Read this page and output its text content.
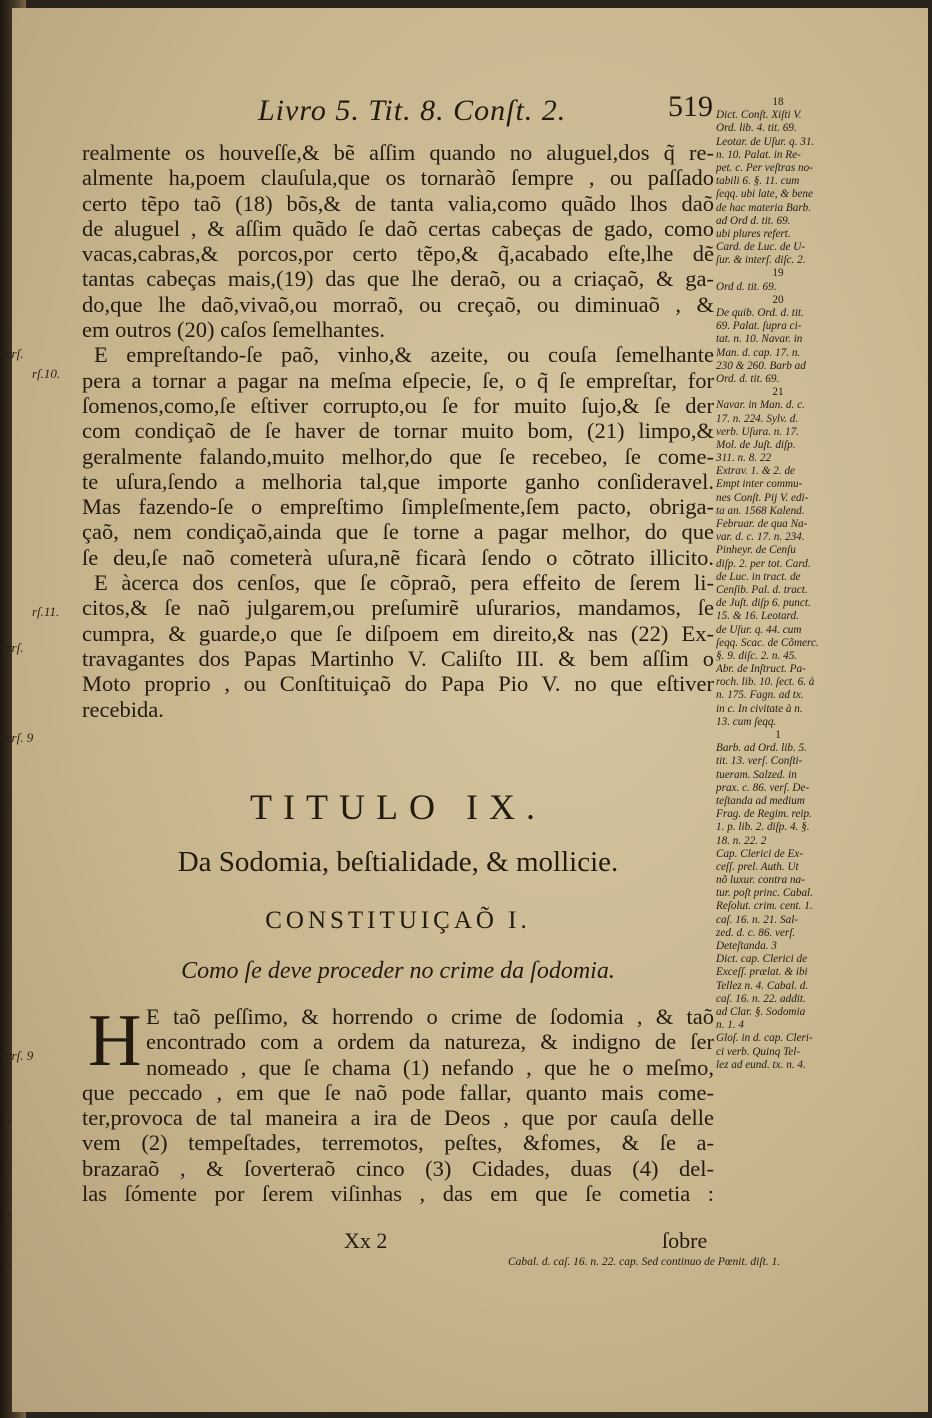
verſ.
verſ. 9
verſ.
verſ. 9
›
›
›
›
rſ.10.
rſ.11.
Livro 5. Tit. 8. Conſt. 2.	519
realmente os houveſſe,& bẽ aſſim quando no aluguel,dos q̃ re-
almente ha,poem clauſula,que os tornaràõ ſempre , ou paſſado
certo tẽpo taõ (18) bõs,& de tanta valia,como quãdo lhos daõ
de aluguel , & aſſim quãdo ſe daõ certas cabeças de gado, como
vacas,cabras,& porcos,por certo tẽpo,& q̃,acabado eſte,lhe dẽ
tantas cabeças mais,(19) das que lhe deraõ, ou a criaçaõ, & ga-
do,que lhe daõ,vivaõ,ou morraõ, ou creçaõ, ou diminuaõ , &
em outros (20) caſos ſemelhantes.
E empreſtando-ſe paõ, vinho,& azeite, ou couſa ſemelhante
pera a tornar a pagar na meſma eſpecie, ſe, o q̃ ſe empreſtar, for
ſomenos,como,ſe eſtiver corrupto,ou ſe for muito ſujo,& ſe der
com condiçaõ de ſe haver de tornar muito bom, (21) limpo,&
geralmente falando,muito melhor,do que ſe recebeo, ſe come-
te uſura,ſendo a melhoria tal,que importe ganho conſideravel.
Mas fazendo-ſe o empreſtimo ſimpleſmente,ſem pacto, obriga-
çaõ, nem condiçaõ,ainda que ſe torne a pagar melhor, do que
ſe deu,ſe naõ cometerà uſura,nẽ ficarà ſendo o cõtrato illicito.
E àcerca dos cenſos, que ſe cõpraõ, pera effeito de ſerem li-
citos,& ſe naõ julgarem,ou preſumirẽ uſurarios, mandamos, ſe
cumpra, & guarde,o que ſe diſpoem em direito,& nas (22) Ex-
travagantes dos Papas Martinho V. Caliſto III. & bem aſſim o
Moto proprio , ou Conſtituiçaõ do Papa Pio V. no que eſtiver
recebida.
TITULO IX.
Da Sodomia, beſtialidade, & mollicie.
CONSTITUIÇAÕ I.
Como ſe deve proceder no crime da ſodomia.
H E taõ peſſimo, & horrendo o crime de ſodomia , & taõ
encontrado com a ordem da natureza, & indigno de ſer
nomeado , que ſe chama (1) nefando , que he o meſmo,
que peccado , em que ſe naõ pode fallar, quanto mais come-
ter,provoca de tal maneira a ira de Deos , que por cauſa delle
vem (2) tempeſtades, terremotos, peſtes, &fomes, & ſe a-
brazaraõ , & ſoverteraõ cinco (3) Cidades, duas (4) del-
las ſómente por ſerem viſinhas , das em que ſe cometia :
Xx 2	ſobre
18
Dict. Conſt. Xiſti V.
Ord. lib. 4. tit. 69.
Leotar. de Uſur. q. 31.
n. 10. Palat. in Re-
pet. c. Per veſtras no-
tabili 6. §. 11. cum
ſeqq. ubi late, & bene
de hac materia Barb.
ad Ord d. tit. 69.
ubi plures refert.
Card. de Luc. de U-
ſur. & interſ. diſc. 2.
19
Ord d. tit. 69.
20
De quib. Ord. d. tit.
69. Palat. ſupra ci-
tat. n. 10. Navar. in
Man. d. cap. 17. n.
230 & 260. Barb ad
Ord. d. tit. 69.
21
Navar. in Man. d. c.
17. n. 224. Sylv. d.
verb. Uſura. n. 17.
Mol. de Juſt. diſp.
311. n. 8. 22
Extrav. 1. & 2. de
Empt inter commu-
nes Conſt. Pij V. edi-
ta an. 1568 Kalend.
Februar. de qua Na-
var. d. c. 17. n. 234.
Pinheyr. de Cenſu
diſp. 2. per tot. Card.
de Luc. in tract. de
Cenſib. Pal. d. tract.
de Juſt. diſp 6. punct.
15. & 16. Leotard.
de Uſur. q. 44. cum
ſeqq. Scac. de Cõmerc.
§. 9. diſc. 2. n. 45.
Abr. de Inſtruct. Pa-
roch. lib. 10. ſect. 6. à
n. 175. Fagn. ad tx.
in c. In civitate à n.
13. cum ſeqq.
1
Barb. ad Ord. lib. 5.
tit. 13. verſ. Conſti-
tueram. Salzed. in
prax. c. 86. verſ. De-
teſtanda ad medium
Frag. de Regim. reip.
1. p. lib. 2. diſp. 4. §.
18. n. 22. 2
Cap. Clerici de Ex-
ceſſ. prel. Auth. Ut
nõ luxur. contra na-
tur. poſt princ. Cabal.
Reſolut. crim. cent. 1.
caſ. 16. n. 21. Sal-
zed. d. c. 86. verſ.
Deteſtanda. 3
Dict. cap. Clerici de
Exceſſ. prælat. & ibi
Tellez n. 4. Cabal. d.
caſ. 16. n. 22. addit.
ad Clar. §. Sodomia
n. 1. 4
Gloſ. in d. cap. Cleri-
ci verb. Quinq Tel-
lez ad eund. tx. n. 4.
Cabal. d. caſ. 16. n. 22. cap. Sed continuo de Pœnit. diſt. 1.
